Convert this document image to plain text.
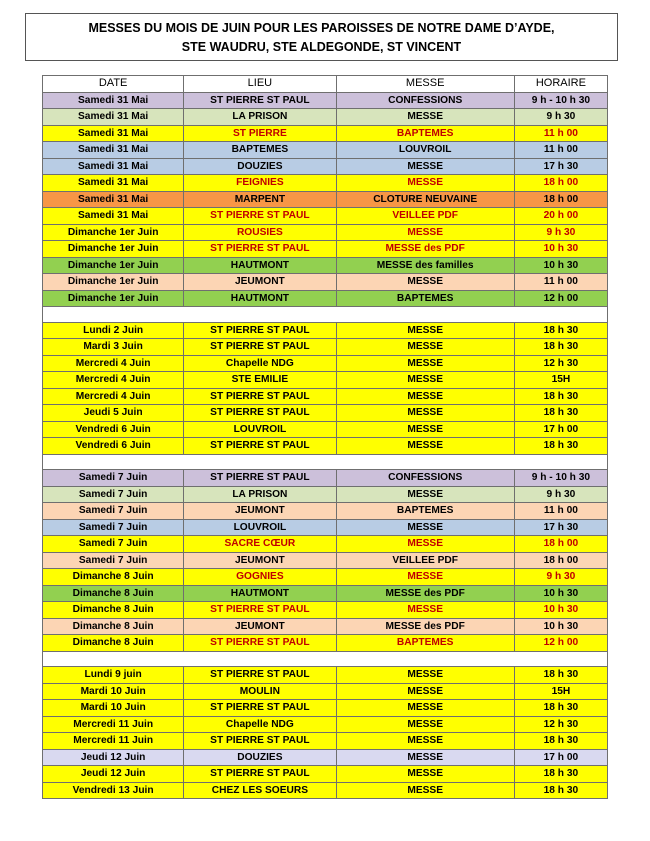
MESSES DU MOIS DE JUIN POUR LES PAROISSES DE NOTRE DAME D’AYDE,
STE WAUDRU, STE ALDEGONDE, ST VINCENT
DATE	LIEU	MESSE	HORAIRE
Samedi 31 Mai	ST PIERRE ST PAUL	CONFESSIONS	9 h - 10 h 30
Samedi 31 Mai	LA PRISON	MESSE	9 h 30
Samedi 31 Mai	ST PIERRE	BAPTEMES	11 h 00
Samedi 31 Mai	BAPTEMES	LOUVROIL	11 h 00
Samedi 31 Mai	DOUZIES	MESSE	17 h 30
Samedi 31 Mai	FEIGNIES	MESSE	18 h 00
Samedi 31 Mai	MARPENT	CLOTURE NEUVAINE	18 h 00
Samedi 31 Mai	ST PIERRE ST PAUL	VEILLEE PDF	20 h 00
Dimanche 1er Juin	ROUSIES	MESSE	9 h 30
Dimanche 1er Juin	ST PIERRE ST PAUL	MESSE des PDF	10 h 30
Dimanche 1er Juin	HAUTMONT	MESSE des familles	10 h 30
Dimanche 1er Juin	JEUMONT	MESSE	11 h 00
Dimanche 1er Juin	HAUTMONT	BAPTEMES	12 h 00

Lundi 2 Juin	ST PIERRE ST PAUL	MESSE	18 h 30
Mardi 3 Juin	ST PIERRE ST PAUL	MESSE	18 h 30
Mercredi 4 Juin	Chapelle NDG	MESSE	12 h 30
Mercredi 4 Juin	STE EMILIE	MESSE	15H
Mercredi 4 Juin	ST PIERRE ST PAUL	MESSE	18 h 30
Jeudi 5 Juin	ST PIERRE ST PAUL	MESSE	18 h 30
Vendredi 6 Juin	LOUVROIL	MESSE	17 h 00
Vendredi 6 Juin	ST PIERRE ST PAUL	MESSE	18 h 30

Samedi 7 Juin	ST PIERRE ST PAUL	CONFESSIONS	9 h - 10 h 30
Samedi 7 Juin	LA PRISON	MESSE	9 h 30
Samedi 7 Juin	JEUMONT	BAPTEMES	11 h 00
Samedi 7 Juin	LOUVROIL	MESSE	17 h 30
Samedi 7 Juin	SACRE CŒUR	MESSE	18 h 00
Samedi 7 Juin	JEUMONT	VEILLEE PDF	18 h 00
Dimanche 8 Juin	GOGNIES	MESSE	9 h 30
Dimanche 8 Juin	HAUTMONT	MESSE des PDF	10 h 30
Dimanche 8 Juin	ST PIERRE ST PAUL	MESSE	10 h 30
Dimanche 8 Juin	JEUMONT	MESSE des PDF	10 h 30
Dimanche 8 Juin	ST PIERRE ST PAUL	BAPTEMES	12 h 00

Lundi 9 juin	ST PIERRE ST PAUL	MESSE	18 h 30
Mardi 10 Juin	MOULIN	MESSE	15H
Mardi 10 Juin	ST PIERRE ST PAUL	MESSE	18 h 30
Mercredi 11 Juin	Chapelle NDG	MESSE	12 h 30
Mercredi 11 Juin	ST PIERRE ST PAUL	MESSE	18 h 30
Jeudi 12 Juin	DOUZIES	MESSE	17 h 00
Jeudi 12 Juin	ST PIERRE ST PAUL	MESSE	18 h 30
Vendredi 13 Juin	CHEZ LES SOEURS	MESSE	18 h 30
